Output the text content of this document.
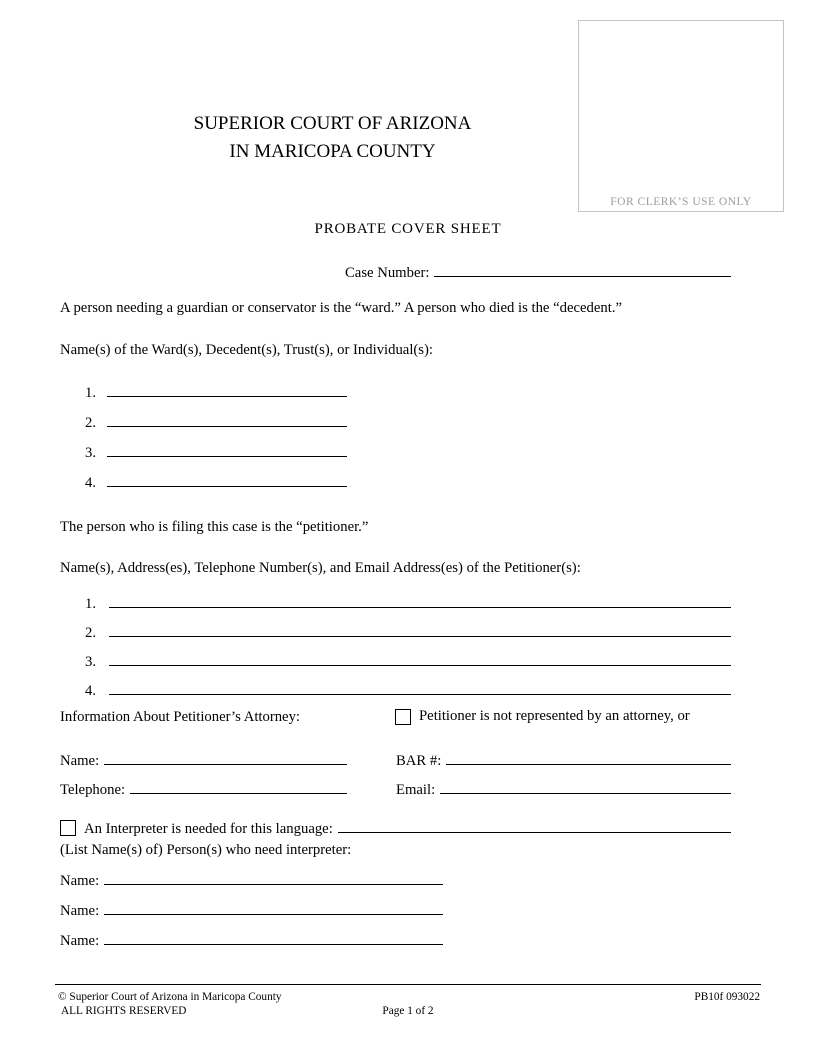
FOR CLERK’S USE ONLY
SUPERIOR COURT OF ARIZONA
IN MARICOPA COUNTY
PROBATE COVER SHEET
Case Number:
A person needing a guardian or conservator is the “ward.” A person who died is the “decedent.”
Name(s) of the Ward(s), Decedent(s), Trust(s), or Individual(s):
1.
2.
3.
4.
The person who is filing this case is the “petitioner.”
Name(s), Address(es), Telephone Number(s), and Email Address(es) of the Petitioner(s):
1.
2.
3.
4.
Information About Petitioner’s Attorney:	Petitioner is not represented by an attorney, or
Name:	BAR #:
Telephone:	Email:
An Interpreter is needed for this language:
(List Name(s) of) Person(s) who need interpreter:
Name:
Name:
Name:
© Superior Court of Arizona in Maricopa County
ALL RIGHTS RESERVED	Page 1 of 2
PB10f 093022
